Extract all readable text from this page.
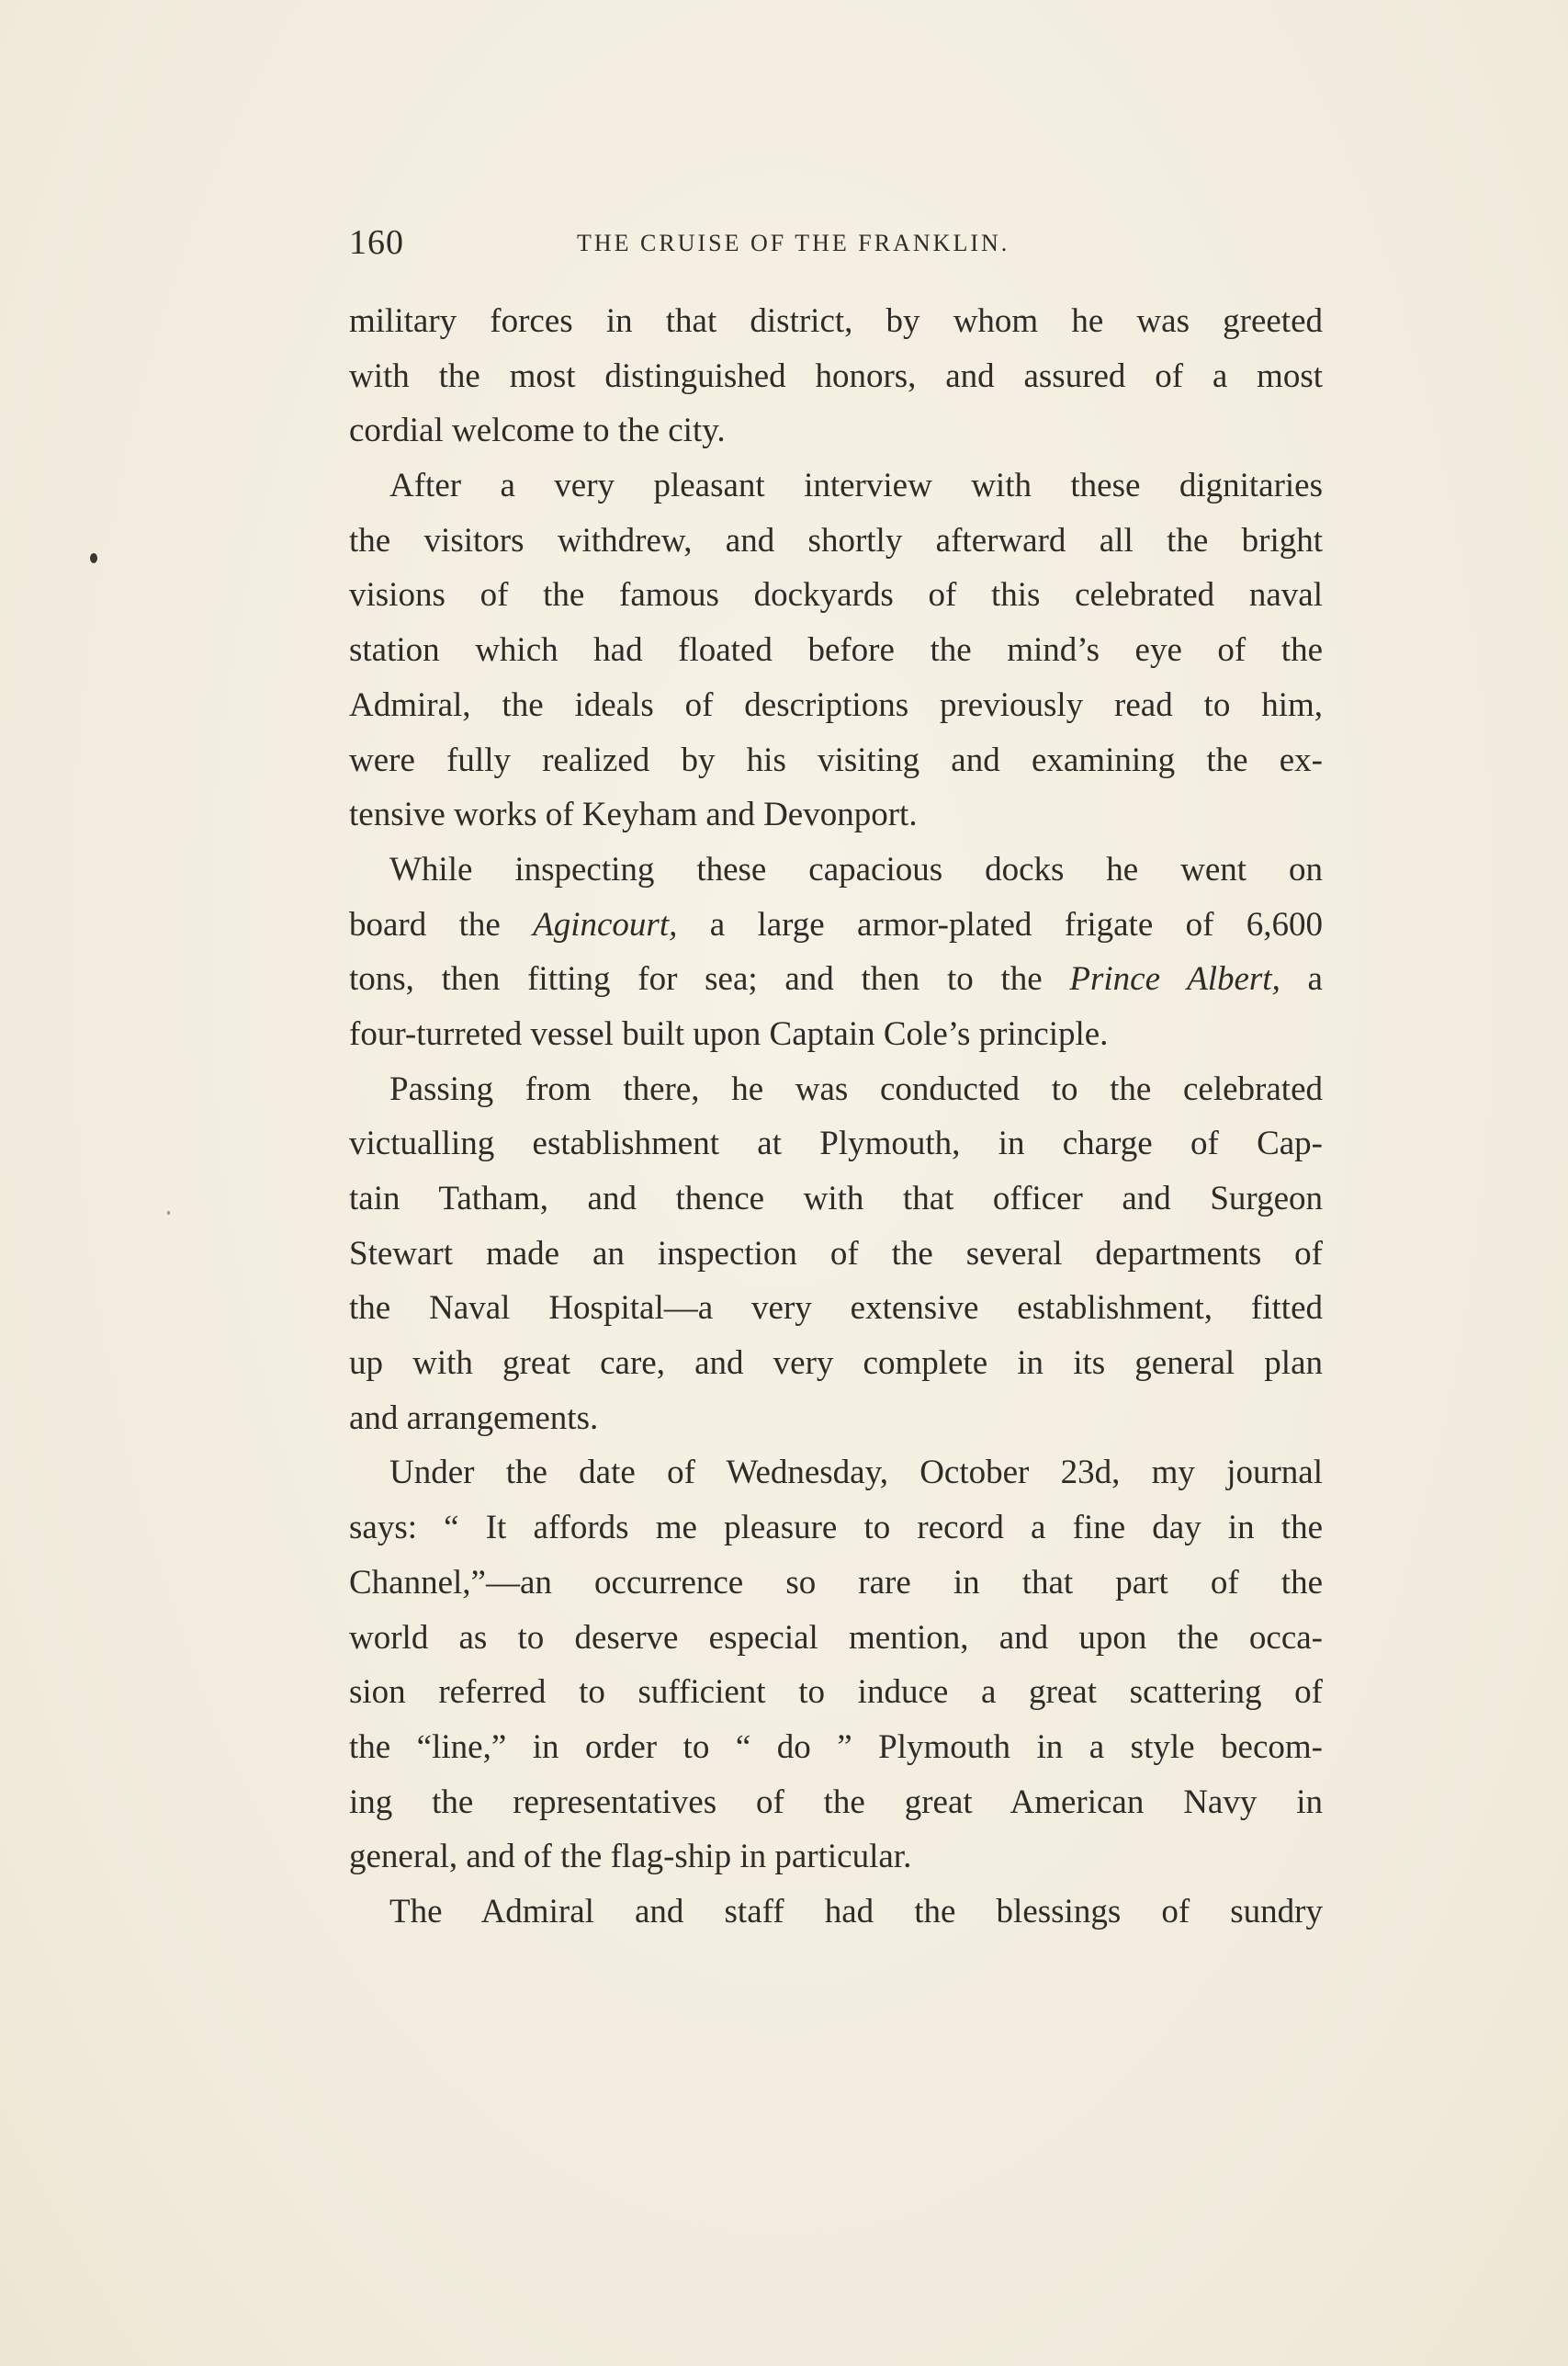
160	THE CRUISE OF THE FRANKLIN.
military forces in that district, by whom he was greeted
with the most distinguished honors, and assured of a most
cordial welcome to the city.
After a very pleasant interview with these dignitaries
the visitors withdrew, and shortly afterward all the bright
visions of the famous dockyards of this celebrated naval
station which had floated before the mind’s eye of the
Admiral, the ideals of descriptions previously read to him,
were fully realized by his visiting and examining the ex-
tensive works of Keyham and Devonport.
While inspecting these capacious docks he went on
board the Agincourt, a large armor-plated frigate of 6,600
tons, then fitting for sea; and then to the Prince Albert, a
four-turreted vessel built upon Captain Cole’s principle.
Passing from there, he was conducted to the celebrated
victualling establishment at Plymouth, in charge of Cap-
tain Tatham, and thence with that officer and Surgeon
Stewart made an inspection of the several departments of
the Naval Hospital—a very extensive establishment, fitted
up with great care, and very complete in its general plan
and arrangements.
Under the date of Wednesday, October 23d, my journal
says: “ It affords me pleasure to record a fine day in the
Channel,”—an occurrence so rare in that part of the
world as to deserve especial mention, and upon the occa-
sion referred to sufficient to induce a great scattering of
the “line,” in order to “ do ” Plymouth in a style becom-
ing the representatives of the great American Navy in
general, and of the flag-ship in particular.
The Admiral and staff had the blessings of sundry
